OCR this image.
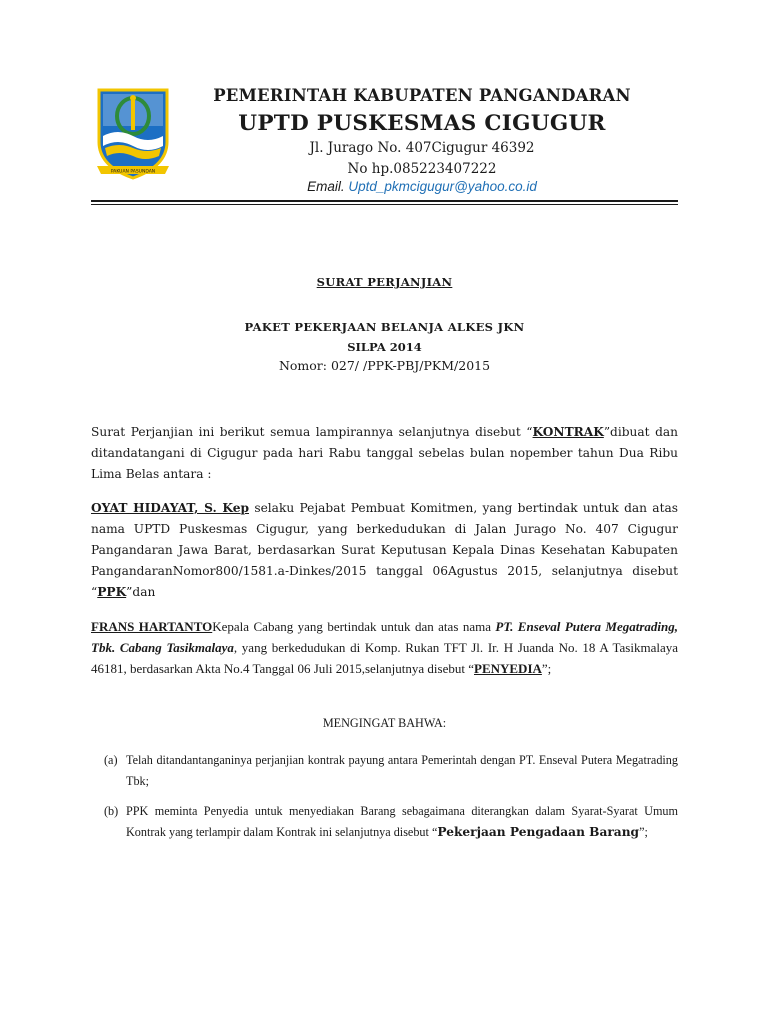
PAKUAN PASUNDAN
PEMERINTAH KABUPATEN PANGANDARAN
UPTD PUSKESMAS CIGUGUR
Jl. Jurago No. 407Cigugur 46392
No hp.085223407222
Email. Uptd_pkmcigugur@yahoo.co.id
SURAT PERJANJIAN
PAKET PEKERJAAN BELANJA ALKES JKN
SILPA 2014
Nomor: 027/ /PPK-PBJ/PKM/2015
Surat Perjanjian ini berikut semua lampirannya selanjutnya disebut “KONTRAK”dibuat dan ditandatangani di Cigugur pada hari Rabu tanggal sebelas bulan nopember tahun Dua Ribu Lima Belas antara :
OYAT HIDAYAT, S. Kep selaku Pejabat Pembuat Komitmen, yang bertindak untuk dan atas nama UPTD Puskesmas Cigugur, yang berkedudukan di Jalan Jurago No. 407 Cigugur Pangandaran Jawa Barat, berdasarkan Surat Keputusan Kepala Dinas Kesehatan Kabupaten PangandaranNomor800/1581.a-Dinkes/2015 tanggal 06Agustus 2015, selanjutnya disebut “PPK”dan
FRANS HARTANTOKepala Cabang yang bertindak untuk dan atas nama PT. Enseval Putera Megatrading, Tbk. Cabang Tasikmalaya, yang berkedudukan di Komp. Rukan TFT Jl. Ir. H Juanda No. 18 A Tasikmalaya 46181, berdasarkan Akta No.4 Tanggal 06 Juli 2015,selanjutnya disebut “PENYEDIA”;
MENGINGAT BAHWA:
(a) Telah ditandantanganinya perjanjian kontrak payung antara Pemerintah dengan PT. Enseval Putera Megatrading Tbk;
(b) PPK meminta Penyedia untuk menyediakan Barang sebagaimana diterangkan dalam Syarat-Syarat Umum Kontrak yang terlampir dalam Kontrak ini selanjutnya disebut “Pekerjaan Pengadaan Barang”;
